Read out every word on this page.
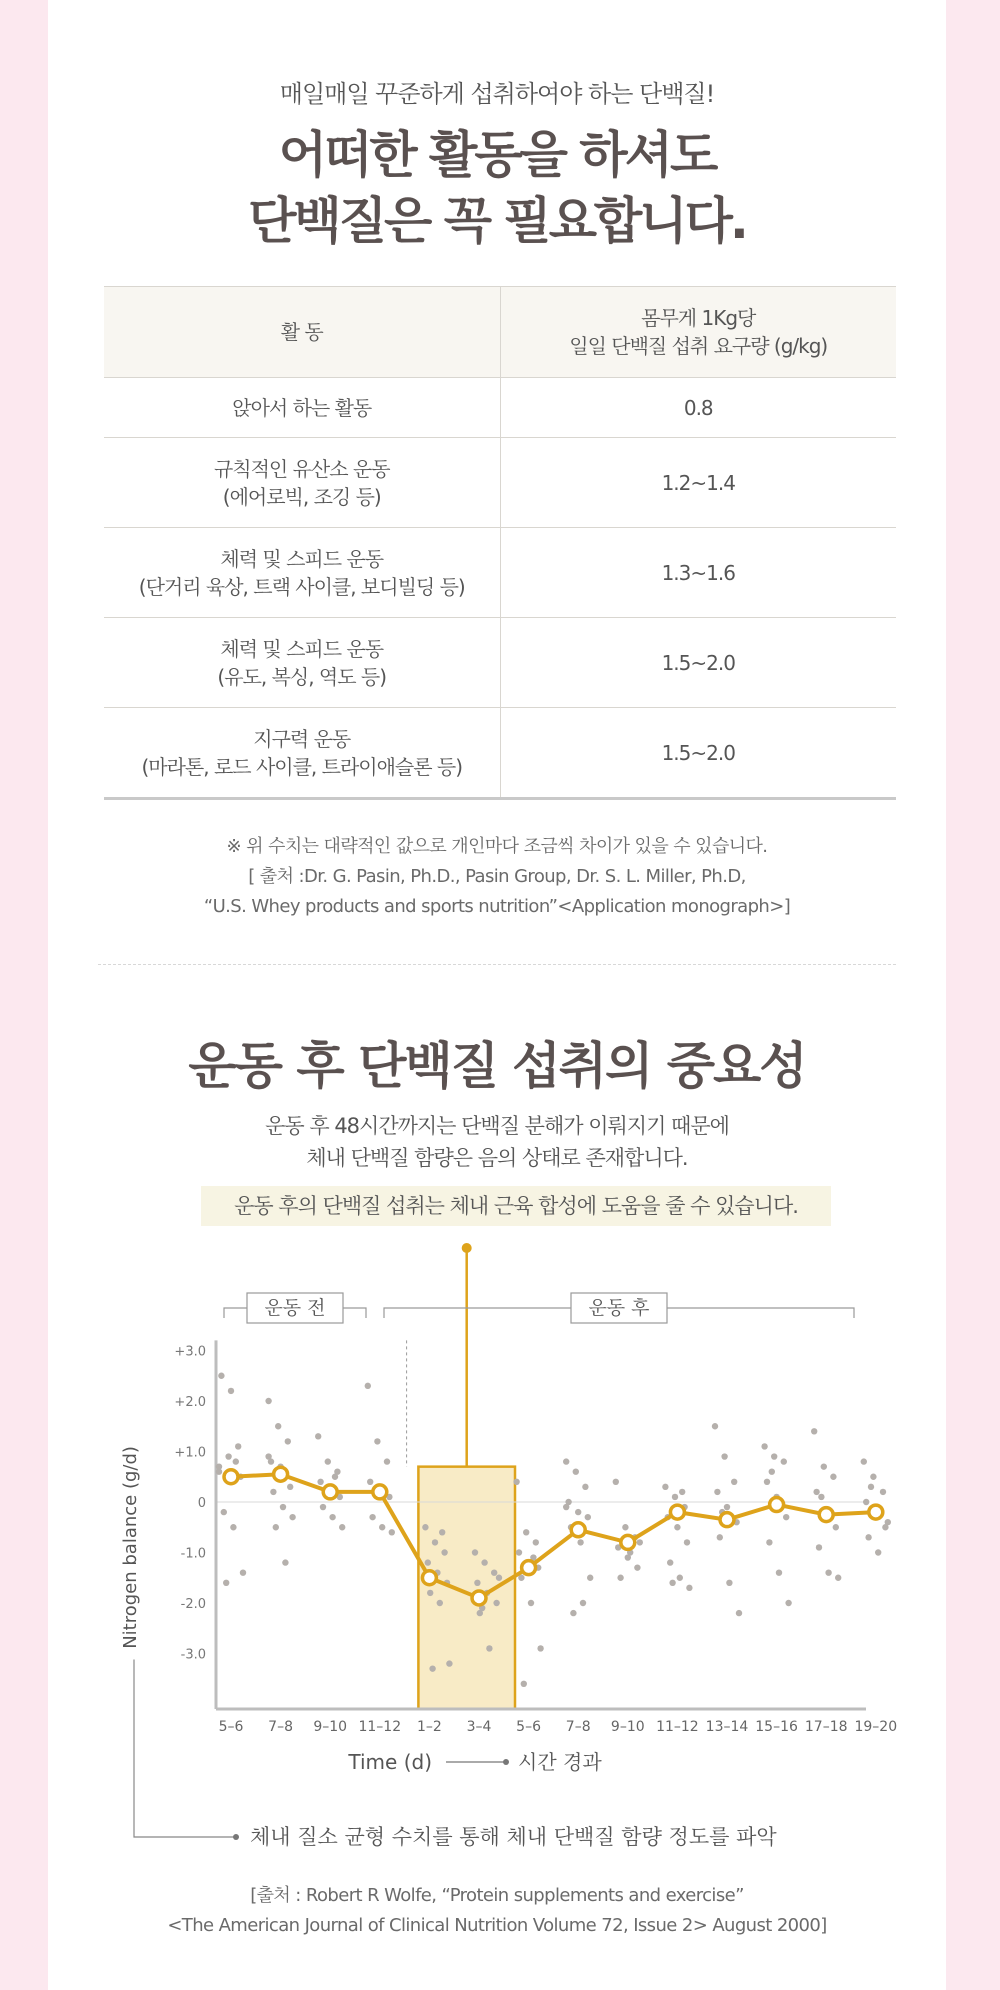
매일매일 꾸준하게 섭취하여야 하는 단백질!
어떠한 활동을 하셔도
단백질은 꼭 필요합니다.
활 동	몸무게 1Kg당
일일 단백질 섭취 요구량 (g/kg)
앉아서 하는 활동	0.8
규칙적인 유산소 운동
(에어로빅, 조깅 등)	1.2~1.4
체력 및 스피드 운동
(단거리 육상, 트랙 사이클, 보디빌딩 등)	1.3~1.6
체력 및 스피드 운동
(유도, 복싱, 역도 등)	1.5~2.0
지구력 운동
(마라톤, 로드 사이클, 트라이애슬론 등)	1.5~2.0
※ 위 수치는 대략적인 값으로 개인마다 조금씩 차이가 있을 수 있습니다.
[ 출처 :Dr. G. Pasin, Ph.D., Pasin Group, Dr. S. L. Miller, Ph.D,
“U.S. Whey products and sports nutrition”<Application monograph>]
운동 후 단백질 섭취의 중요성
운동 후 48시간까지는 단백질 분해가 이뤄지기 때문에
체내 단백질 함량은 음의 상태로 존재합니다.
운동 후의 단백질 섭취는 체내 근육 합성에 도움을 줄 수 있습니다.
+3.0
+2.0
+1.0
0
-1.0
-2.0
-3.0
Nitrogen balance (g/d)
운동 전	운동 후
5–6 7–8 9–10 11–12 1–2 3–4 5–6 7–8 9–10 11–12 13–14 15–16 17–18 19–20
Time (d)	시간 경과
체내 질소 균형 수치를 통해 체내 단백질 함량 정도를 파악
[출처 : Robert R Wolfe, “Protein supplements and exercise”
<The American Journal of Clinical Nutrition Volume 72, Issue 2> August 2000]
